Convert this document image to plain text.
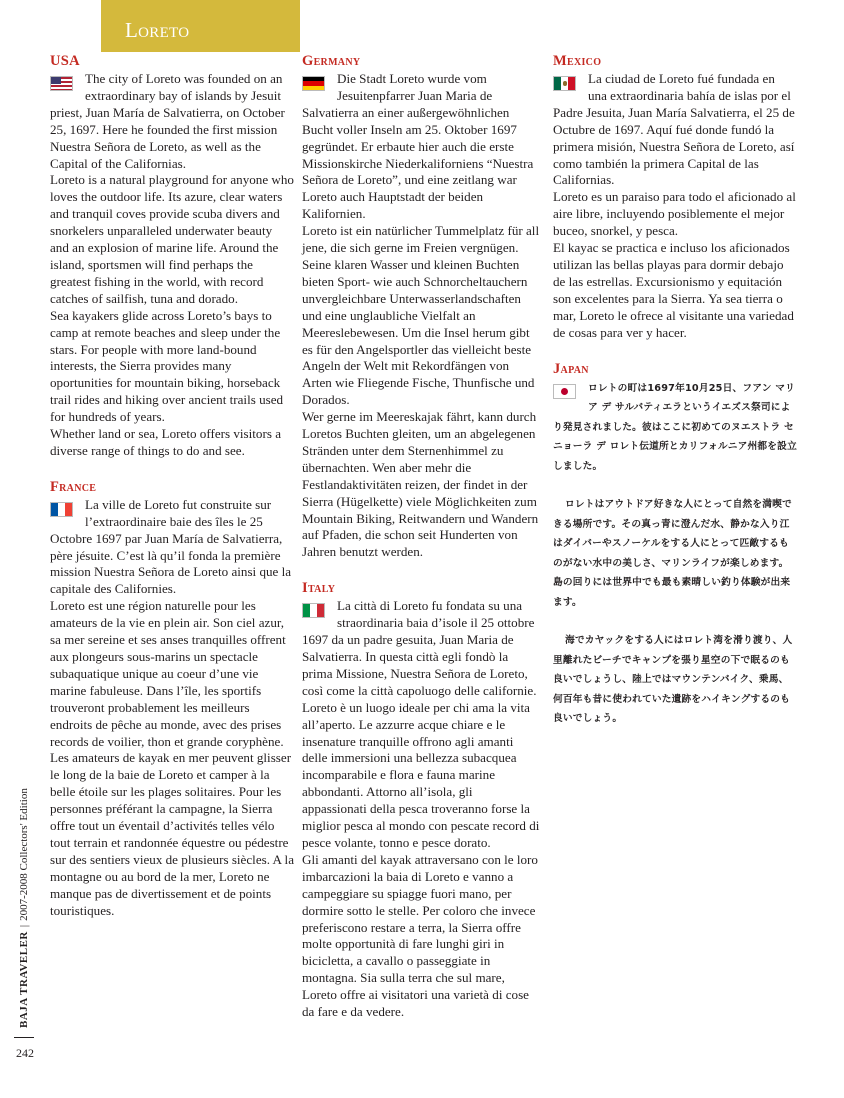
Loreto
USA

The city of Loreto was founded on an extraordinary bay of islands by Jesuit priest, Juan María de Salvatierra, on October 25, 1697. Here he founded the first mission Nuestra Señora de Loreto, as well as the Capital of the Californias.

Loreto is a natural playground for anyone who loves the outdoor life. Its azure, clear waters and tranquil coves provide scuba divers and snorkelers unparalleled underwater beauty and an explosion of marine life. Around the island, sportsmen will find perhaps the greatest fishing in the world, with record catches of sailfish, tuna and dorado.

Sea kayakers glide across Loreto’s bays to camp at remote beaches and sleep under the stars. For people with more land-bound interests, the Sierra provides many oportunities for mountain biking, horseback trail rides and hiking over ancient trails used for hundreds of years.

Whether land or sea, Loreto offers visitors a diverse range of things to do and see.

France

La ville de Loreto fut construite sur l’extraordinaire baie des îles le 25 Octobre 1697 par Juan María de Salvatierra, père jésuite. C’est là qu’il fonda la première mission Nuestra Señora de Loreto ainsi que la capitale des Californies.

Loreto est une région naturelle pour les amateurs de la vie en plein air. Son ciel azur, sa mer sereine et ses anses tranquilles offrent aux plongeurs sous-marins un spectacle subaquatique unique au coeur d’une vie marine fabuleuse. Dans l’île, les sportifs trouveront probablement les meilleurs endroits de pêche au monde, avec des prises records de voilier, thon et grande coryphène.

Les amateurs de kayak en mer peuvent glisser le long de la baie de Loreto et camper à la belle étoile sur les plages solitaires. Pour les personnes préférant la campagne, la Sierra offre tout un éventail d’activités telles vélo tout terrain et randonnée équestre ou pédestre sur des sentiers vieux de plusieurs siècles. A la montagne ou au bord de la mer, Loreto ne manque pas de divertissement et de points touristiques.

Germany

Die Stadt Loreto wurde vom Jesuitenpfarrer Juan Maria de Salvatierra an einer außergewöhnlichen Bucht voller Inseln am 25. Oktober 1697 gegründet. Er erbaute hier auch die erste Missionskirche Niederkaliforniens “Nuestra Señora de Loreto”, und eine zeitlang war Loreto auch Hauptstadt der beiden Kalifornien.

Loreto ist ein natürlicher Tummelplatz für all jene, die sich gerne im Freien vergnügen. Seine klaren Wasser und kleinen Buchten bieten Sport- wie auch Schnorcheltauchern unvergleichbare Unterwasserlandschaften und eine unglaubliche Vielfalt an Meereslebewesen. Um die Insel herum gibt es für den Angelsportler das vielleicht beste Angeln der Welt mit Rekordfängen von Arten wie Fliegende Fische, Thunfische und Dorados.

Wer gerne im Meereskajak fährt, kann durch Loretos Buchten gleiten, um an abgelegenen Stränden unter dem Sternenhimmel zu übernachten. Wen aber mehr die Festlandaktivitäten reizen, der findet in der Sierra (Hügelkette) viele Möglichkeiten zum Mountain Biking, Reitwandern und Wandern auf Pfaden, die schon seit Hunderten von Jahren benutzt werden.

Italy

La città di Loreto fu fondata su una straordinaria baia d’isole il 25 ottobre 1697 da un padre gesuita, Juan Maria de Salvatierra. In questa città egli fondò la prima Missione, Nuestra Señora de Loreto, così come la città capoluogo delle californie.

Loreto è un luogo ideale per chi ama la vita all’aperto. Le azzurre acque chiare e le insenature tranquille offrono agli amanti delle immersioni una bellezza subacquea incomparabile e flora e fauna marine abbondanti. Attorno all’isola, gli appassionati della pesca troveranno forse la miglior pesca al mondo con pescate record di pesce volante, tonno e pesce dorato.

Gli amanti del kayak attraversano con le loro imbarcazioni la baia di Loreto e vanno a campeggiare su spiagge fuori mano, per dormire sotto le stelle. Per coloro che invece preferiscono restare a terra, la Sierra offre molte opportunità di fare lunghi giri in bicicletta, a cavallo o passeggiate in montagna. Sia sulla terra che sul mare, Loreto offre ai visitatori una varietà di cose da fare e da vedere.

Mexico

La ciudad de Loreto fué fundada en una extraordinaria bahía de islas por el Padre Jesuita, Juan María Salvatierra, el 25 de Octubre de 1697. Aquí fué donde fundó la primera misión, Nuestra Señora de Loreto, así como también la primera Capital de las Californias.

Loreto es un paraiso para todo el aficionado al aire libre, incluyendo posiblemente el mejor buceo, snorkel, y pesca.

El kayac se practica e incluso los aficionados utilizan las bellas playas para dormir debajo de las estrellas. Excursionismo y equitación son excelentes para la Sierra. Ya sea tierra o mar, Loreto le ofrece al visitante una variedad de cosas para ver y hacer.

Japan

ロレトの町は1697年10月25日、フアン マリア デ サルバティエラというイエズス祭司により発見されました。彼はここに初めてのヌエストラ セニョーラ デ ロレト伝道所とカリフォルニア州都を設立しました。

ロレトはアウトドア好きな人にとって自然を満喫できる場所です。その真っ青に澄んだ水、静かな入り江はダイバーやスノーケルをする人にとって匹敵するものがない水中の美しさ、マリンライフが楽しめます。島の回りには世界中でも最も素晴しい釣り体験が出来ます。

海でカヤックをする人にはロレト湾を滑り渡り、人里離れたビーチでキャンプを張り星空の下で眠るのも良いでしょうし、陸上ではマウンテンバイク、乗馬、何百年も昔に使われていた遺跡をハイキングするのも良いでしょう。

BAJA TRAVELER|2007-2008 Collectors' Edition
242
